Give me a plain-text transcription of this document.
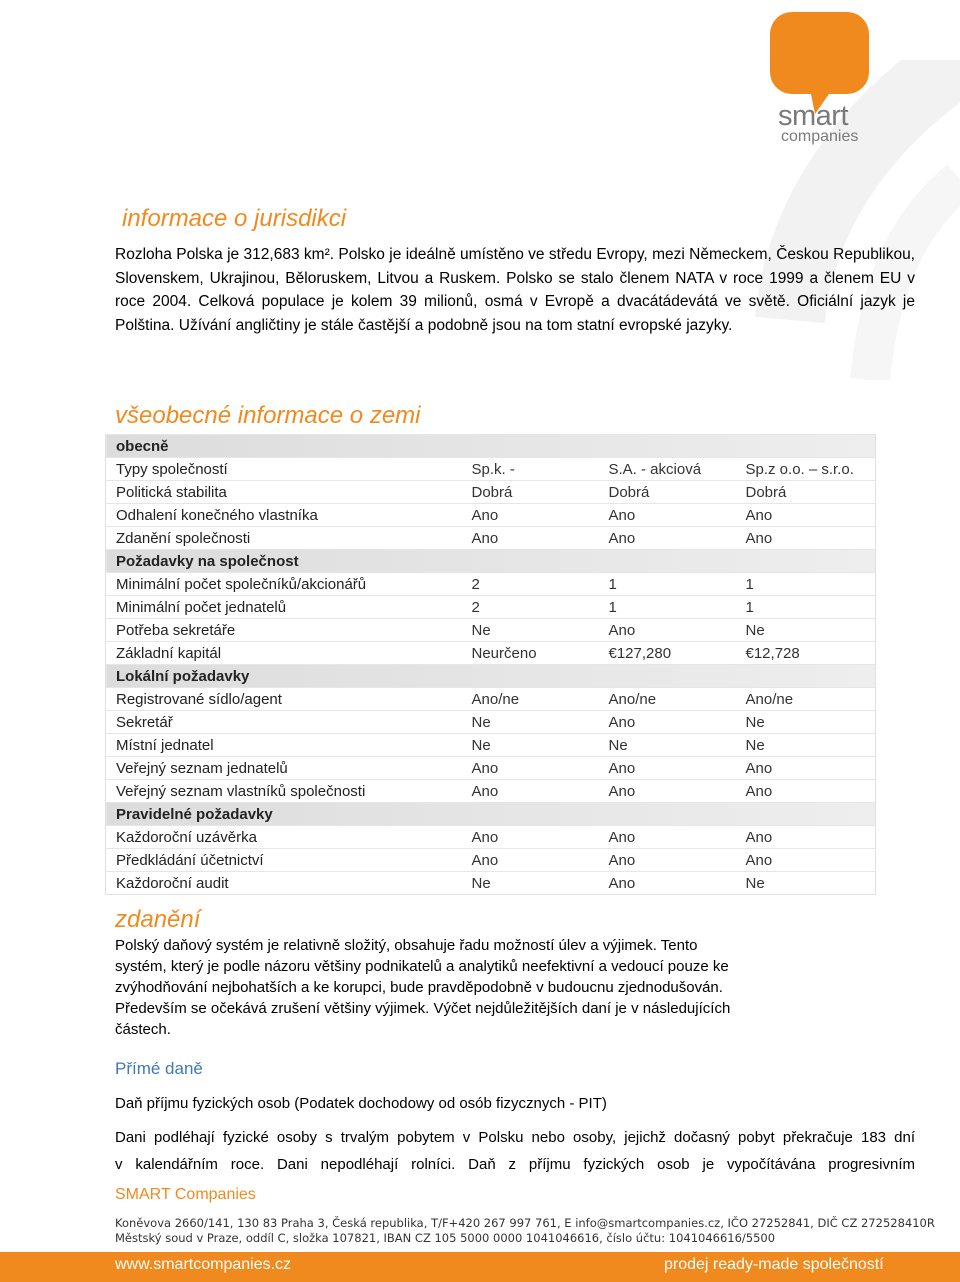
smart
companies
informace o jurisdikci

Rozloha Polska je 312,683 km². Polsko je ideálně umístěno ve středu Evropy, mezi Německem, Českou Republikou, Slovenskem, Ukrajinou, Běloruskem, Litvou a Ruskem. Polsko se stalo členem NATA v roce 1999 a členem EU v roce 2004. Celková populace je kolem 39 milionů, osmá v Evropě a dvacátádevátá ve světě. Oficiální jazyk je Polština. Užívání angličtiny je stále častější a podobně jsou na tom statní evropské jazyky.

všeobecné informace o zemi
obecně			
Typy společností	Sp.k. -	S.A. - akciová	Sp.z o.o. – s.r.o.
Politická stabilita	Dobrá	Dobrá	Dobrá
Odhalení konečného vlastníka	Ano	Ano	Ano
Zdanění společnosti	Ano	Ano	Ano
Požadavky na společnost			
Minimální počet společníků/akcionářů	2	1	1
Minimální počet jednatelů	2	1	1
Potřeba sekretáře	Ne	Ano	Ne
Základní kapitál	Neurčeno	€127,280	€12,728
Lokální požadavky			
Registrované sídlo/agent	Ano/ne	Ano/ne	Ano/ne
Sekretář	Ne	Ano	Ne
Místní jednatel	Ne	Ne	Ne
Veřejný seznam jednatelů	Ano	Ano	Ano
Veřejný seznam vlastníků společnosti	Ano	Ano	Ano
Pravidelné požadavky			
Každoroční uzávěrka	Ano	Ano	Ano
Předkládání účetnictví	Ano	Ano	Ano
Každoroční audit	Ne	Ano	Ne
zdanění

Polský daňový systém je relativně složitý, obsahuje řadu možností úlev a výjimek. Tento systém, který je podle názoru většiny podnikatelů a analytiků neefektivní a vedoucí pouze ke zvýhodňování nejbohatších a ke korupci, bude pravděpodobně v budoucnu zjednodušován. Především se očekává zrušení většiny výjimek. Výčet nejdůležitějších daní je v následujících částech.

Přímé daně
Daň příjmu fyzických osob (Podatek dochodowy od osób fizycznych - PIT)
Dani podléhají fyzické osoby s trvalým pobytem v Polsku nebo osoby, jejichž dočasný pobyt překračuje 183 dní
v kalendářním roce. Dani nepodléhají rolníci. Daň z příjmu fyzických osob je vypočítávána progresivním
SMART Companies
Koněvova 2660/141, 130 83 Praha 3, Česká republika, T/F+420 267 997 761, E info@smartcompanies.cz, IČO 27252841, DIČ CZ 272528410R
Městský soud v Praze, oddíl C, složka 107821, IBAN CZ 105 5000 0000 1041046616, číslo účtu: 1041046616/5500
www.smartcompanies.cz	prodej ready-made společností
